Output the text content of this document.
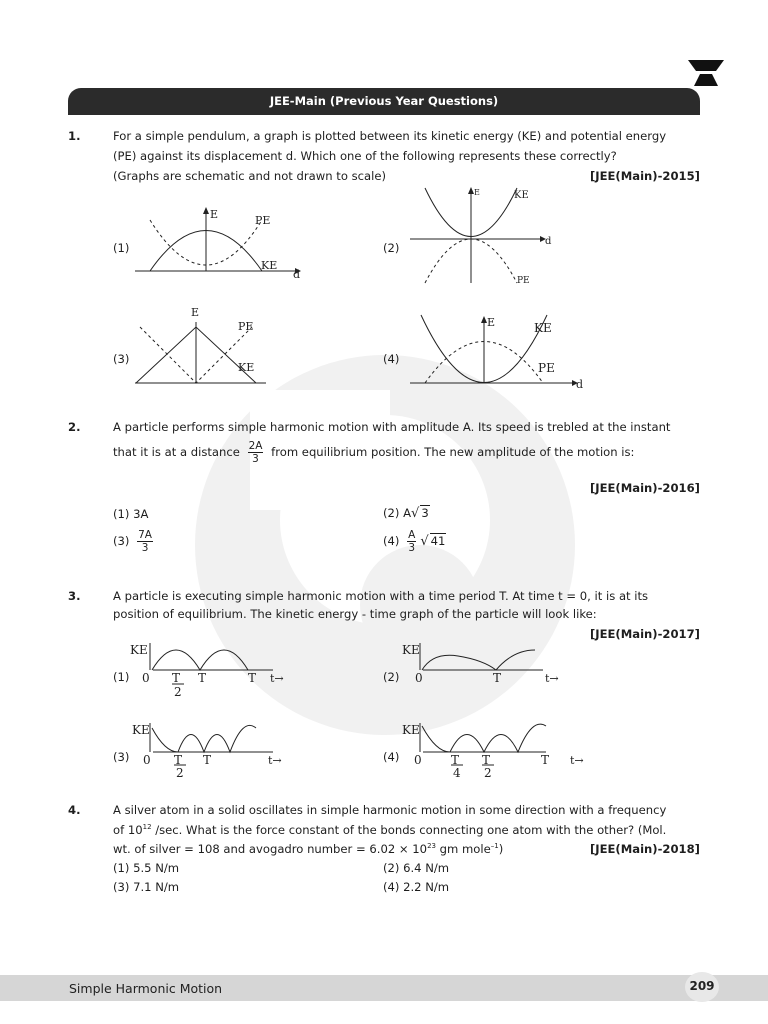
JEE-Main (Previous Year Questions)
1.	For a simple pendulum, a graph is plotted between its kinetic energy (KE) and potential energy
(PE) against its displacement d. Which one of the following represents these correctly?
(Graphs are schematic and not drawn to scale)	[JEE(Main)-2015]
(1)	(2)
(3)	(4)
E	PE
KE
d
E	KE
d
PE
E
PE
KE
E	KE
PE
d
2.	A particle performs simple harmonic motion with amplitude A. Its speed is trebled at the instant
that it is at a distance $\frac{2A}{3}$ from equilibrium position. The new amplitude of the motion is:
[JEE(Main)-2016]
(1) 3A	(2) A√ 3
$(3) \frac{7A}{3}$	$(4) \frac{A}{3}$ √ 41
3.	A particle is executing simple harmonic motion with a time period T. At time t = 0, it is at its
position of equilibrium. The kinetic energy - time graph of the particle will look like:
[JEE(Main)-2017]
(1)	(2)
(3)	(4)
KE
0 T T	T t→
2
KE
0	T	t→
KE
0 T T	t→
2
KE
0 T T	T t→
4 2
4.	A silver atom in a solid oscillates in simple harmonic motion in some direction with a frequency
of $10^{12}$ /sec. What is the force constant of the bonds connecting one atom with the other? (Mol.
wt. of silver = 108 and avogadro number = $6.02 \times 10^{23}$ gm mole$^{-1}$)	[JEE(Main)-2018]
(1) 5.5 N/m	(2) 6.4 N/m
(3) 7.1 N/m	(4) 2.2 N/m
Simple Harmonic Motion	209
